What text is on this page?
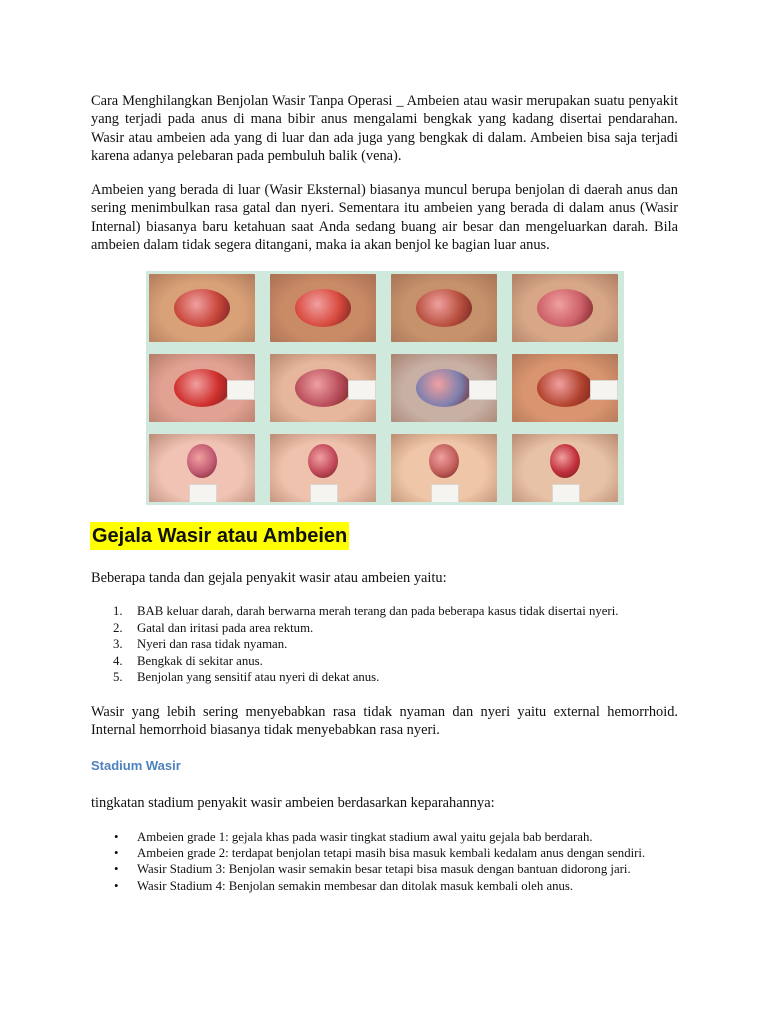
Cara Menghilangkan Benjolan Wasir Tanpa Operasi _ Ambeien atau wasir merupakan suatu penyakit yang terjadi pada anus di mana bibir anus mengalami bengkak yang kadang disertai pendarahan. Wasir atau ambeien ada yang di luar dan ada juga yang bengkak di dalam. Ambeien bisa saja terjadi karena adanya pelebaran pada pembuluh balik (vena).

Ambeien yang berada di luar (Wasir Eksternal) biasanya muncul berupa benjolan di daerah anus dan sering menimbulkan rasa gatal dan nyeri. Sementara itu ambeien yang berada di dalam anus (Wasir Internal) biasanya baru ketahuan saat Anda sedang buang air besar dan mengeluarkan darah. Bila ambeien dalam tidak segera ditangani, maka ia akan benjol ke bagian luar anus.

Gejala Wasir atau Ambeien

Beberapa tanda dan gejala penyakit wasir atau ambeien yaitu:

1. BAB keluar darah, darah berwarna merah terang dan pada beberapa kasus tidak disertai nyeri.
2. Gatal dan iritasi pada area rektum.
3. Nyeri dan rasa tidak nyaman.
4. Bengkak di sekitar anus.
5. Benjolan yang sensitif atau nyeri di dekat anus.

Wasir yang lebih sering menyebabkan rasa tidak nyaman dan nyeri yaitu external hemorrhoid. Internal hemorrhoid biasanya tidak menyebabkan rasa nyeri.

Stadium Wasir

tingkatan stadium penyakit wasir ambeien berdasarkan keparahannya:

• Ambeien grade 1: gejala khas pada wasir tingkat stadium awal yaitu gejala bab berdarah.
• Ambeien grade 2: terdapat benjolan tetapi masih bisa masuk kembali kedalam anus dengan sendiri.
• Wasir Stadium 3: Benjolan wasir semakin besar tetapi bisa masuk dengan bantuan didorong jari.
• Wasir Stadium 4: Benjolan semakin membesar dan ditolak masuk kembali oleh anus.
